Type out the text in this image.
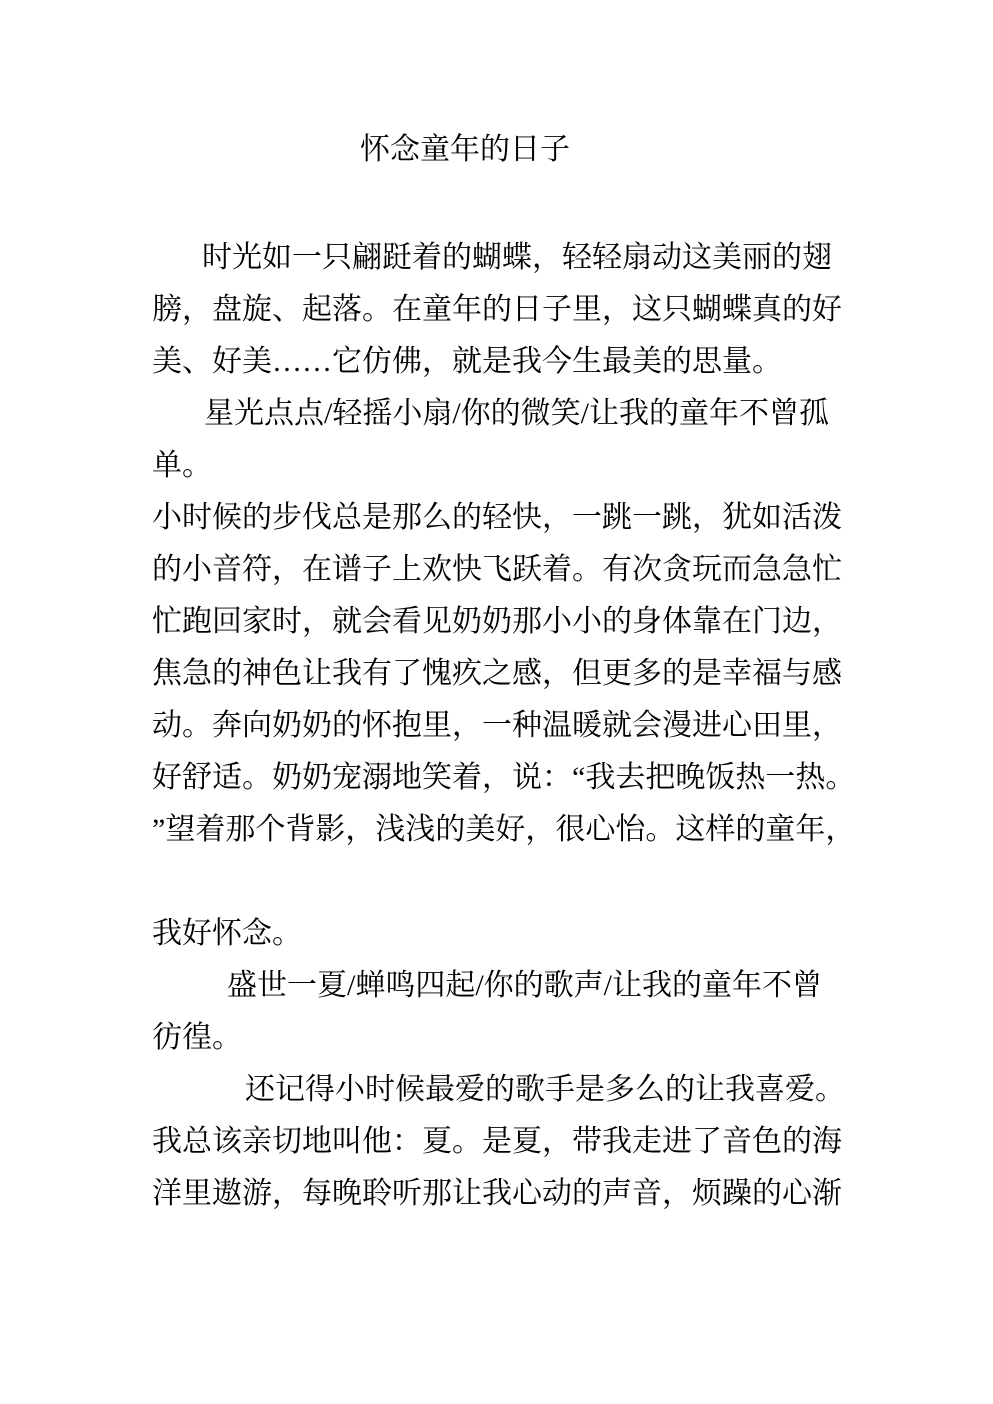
怀念童年的日子
时光如一只翩跹着的蝴蝶，轻轻扇动这美丽的翅
膀，盘旋、起落。在童年的日子里，这只蝴蝶真的好
美、好美……它仿佛，就是我今生最美的思量。
星光点点/轻摇小扇/你的微笑/让我的童年不曾孤
单。
小时候的步伐总是那么的轻快，一跳一跳，犹如活泼
的小音符，在谱子上欢快飞跃着。有次贪玩而急急忙
忙跑回家时，就会看见奶奶那小小的身体靠在门边，
焦急的神色让我有了愧疚之感，但更多的是幸福与感
动。奔向奶奶的怀抱里，一种温暖就会漫进心田里，
好舒适。奶奶宠溺地笑着，说：“我去把晚饭热一热。
”望着那个背影，浅浅的美好，很心怡。这样的童年，
我好怀念。
盛世一夏/蝉鸣四起/你的歌声/让我的童年不曾
彷徨。
还记得小时候最爱的歌手是多么的让我喜爱。
我总该亲切地叫他：夏。是夏，带我走进了音色的海
洋里遨游，每晚聆听那让我心动的声音，烦躁的心渐
